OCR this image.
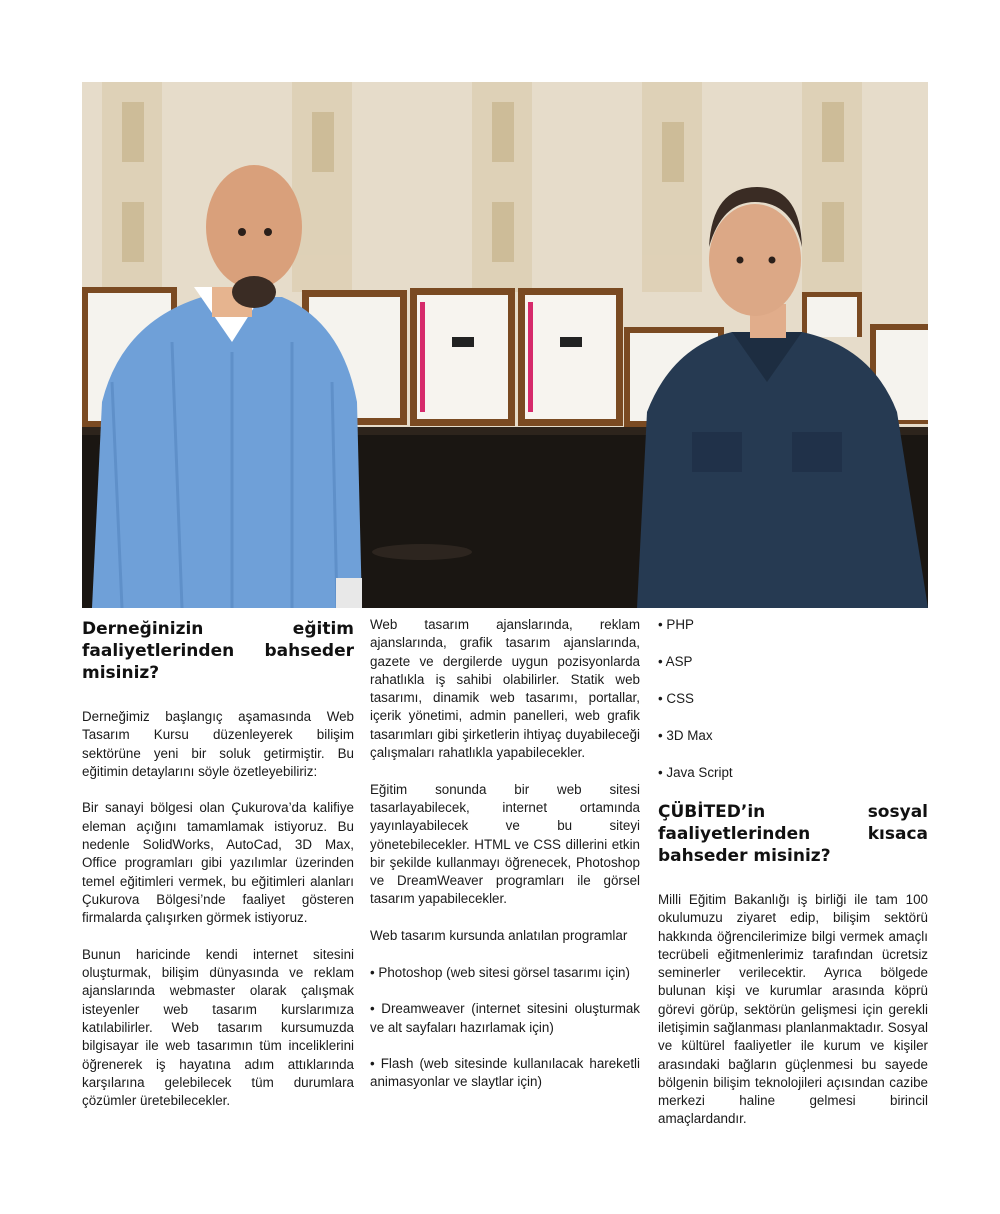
Derneğinizin eğitim faaliyetlerinden bahseder misiniz?

Derneğimiz başlangıç aşamasında Web Tasarım Kursu düzenleyerek bilişim sektörüne yeni bir soluk getirmiştir. Bu eğitimin detaylarını söyle özetleyebiliriz:

Bir sanayi bölgesi olan Çukurova’da kalifiye eleman açığını tamamlamak istiyoruz. Bu nedenle SolidWorks, AutoCad, 3D Max, Office programları gibi yazılımlar üzerinden temel eğitimleri vermek, bu eğitimleri alanları Çukurova Bölgesi’nde faaliyet gösteren firmalarda çalışırken görmek istiyoruz.

Bunun haricinde kendi internet sitesini oluşturmak, bilişim dünyasında ve reklam ajanslarında webmaster olarak çalışmak isteyenler web tasarım kurslarımıza katılabilirler. Web tasarım kursumuzda bilgisayar ile web tasarımın tüm inceliklerini öğrenerek iş hayatına adım attıklarında karşılarına gelebilecek tüm durumlara çözümler üretebilecekler.

Web tasarım ajanslarında, reklam ajanslarında, grafik tasarım ajanslarında, gazete ve dergilerde uygun pozisyonlarda rahatlıkla iş sahibi olabilirler. Statik web tasarımı, dinamik web tasarımı, portallar, içerik yönetimi, admin panelleri, web grafik tasarımları gibi şirketlerin ihtiyaç duyabileceği çalışmaları rahatlıkla yapabilecekler.

Eğitim sonunda bir web sitesi tasarlayabilecek, internet ortamında yayınlayabilecek ve bu siteyi yönetebilecekler. HTML ve CSS dillerini etkin bir şekilde kullanmayı öğrenecek, Photoshop ve DreamWeaver programları ile görsel tasarım yapabilecekler.

Web tasarım kursunda anlatılan programlar

• Photoshop (web sitesi görsel tasarımı için)
• Dreamweaver (internet sitesini oluşturmak ve alt sayfaları hazırlamak için)
• Flash (web sitesinde kullanılacak hareketli animasyonlar ve slaytlar için)
• PHP
• ASP
• CSS
• 3D Max
• Java Script
ÇÜBİTED’in sosyal faaliyetlerinden kısaca bahseder misiniz?

Milli Eğitim Bakanlığı iş birliği ile tam 100 okulumuzu ziyaret edip, bilişim sektörü hakkında öğrencilerimize bilgi vermek amaçlı tecrübeli eğitmenlerimiz tarafından ücretsiz seminerler verilecektir. Ayrıca bölgede bulunan kişi ve kurumlar arasında köprü görevi görüp, sektörün gelişmesi için gerekli iletişimin sağlanması planlanmaktadır. Sosyal ve kültürel faaliyetler ile kurum ve kişiler arasındaki bağların güçlenmesi bu sayede bölgenin bilişim teknolojileri açısından cazibe merkezi haline gelmesi birincil amaçlardandır.
